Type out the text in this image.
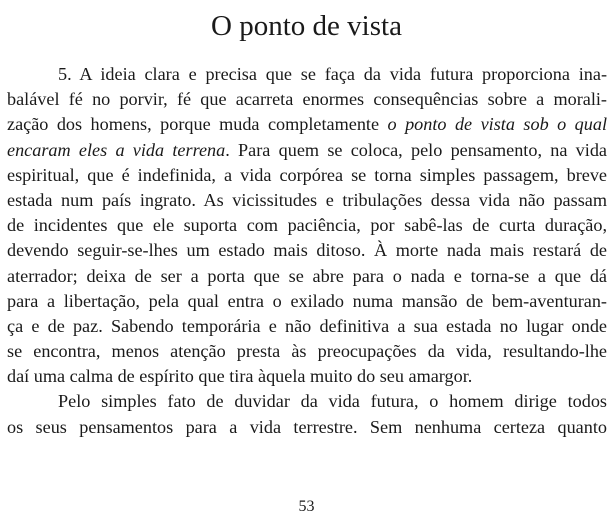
O ponto de vista
5. A ideia clara e precisa que se faça da vida futura proporciona ina-
balável fé no porvir, fé que acarreta enormes consequências sobre a morali-
zação dos homens, porque muda completamente o ponto de vista sob o qual
encaram eles a vida terrena. Para quem se coloca, pelo pensamento, na vida
espiritual, que é indefinida, a vida corpórea se torna simples passagem, breve
estada num país ingrato. As vicissitudes e tribulações dessa vida não passam
de incidentes que ele suporta com paciência, por sabê-las de curta duração,
devendo seguir-se-lhes um estado mais ditoso. À morte nada mais restará de
aterrador; deixa de ser a porta que se abre para o nada e torna-se a que dá
para a libertação, pela qual entra o exilado numa mansão de bem-aventuran-
ça e de paz. Sabendo temporária e não definitiva a sua estada no lugar onde
se encontra, menos atenção presta às preocupações da vida, resultando-lhe
daí uma calma de espírito que tira àquela muito do seu amargor.
Pelo simples fato de duvidar da vida futura, o homem dirige todos
os seus pensamentos para a vida terrestre. Sem nenhuma certeza quanto
53
